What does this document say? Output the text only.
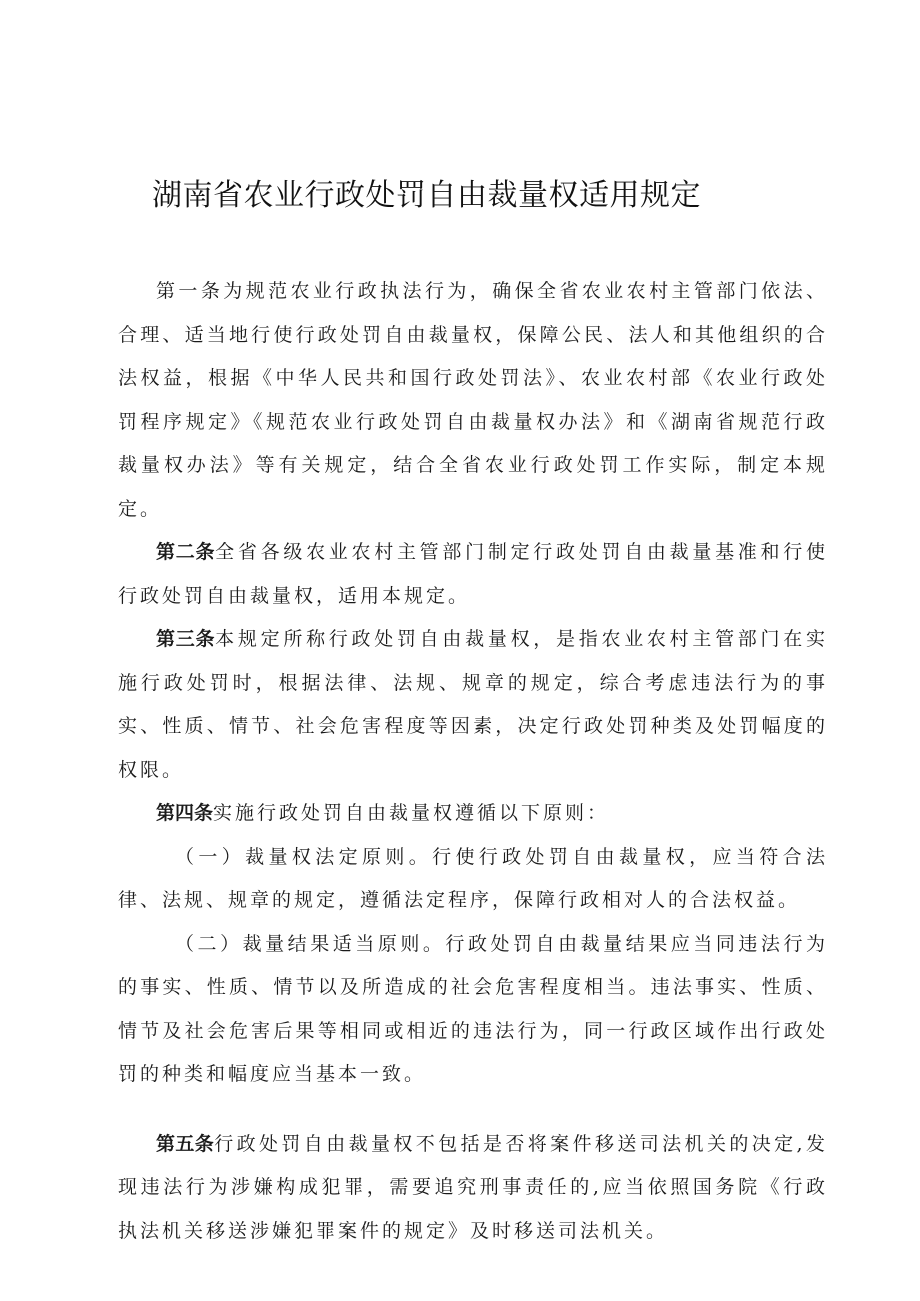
湖南省农业行政处罚自由裁量权适用规定

第一条为规范农业行政执法行为，确保全省农业农村主管部门依法、合理、适当地行使行政处罚自由裁量权，保障公民、法人和其他组织的合法权益，根据《中华人民共和国行政处罚法》、农业农村部《农业行政处罚程序规定》《规范农业行政处罚自由裁量权办法》和《湖南省规范行政裁量权办法》等有关规定，结合全省农业行政处罚工作实际，制定本规定。

第二条全省各级农业农村主管部门制定行政处罚自由裁量基准和行使行政处罚自由裁量权，适用本规定。

第三条本规定所称行政处罚自由裁量权，是指农业农村主管部门在实施行政处罚时，根据法律、法规、规章的规定，综合考虑违法行为的事实、性质、情节、社会危害程度等因素，决定行政处罚种类及处罚幅度的权限。

第四条实施行政处罚自由裁量权遵循以下原则：

（一）裁量权法定原则。行使行政处罚自由裁量权，应当符合法律、法规、规章的规定，遵循法定程序，保障行政相对人的合法权益。

（二）裁量结果适当原则。行政处罚自由裁量结果应当同违法行为的事实、性质、情节以及所造成的社会危害程度相当。违法事实、性质、情节及社会危害后果等相同或相近的违法行为，同一行政区域作出行政处罚的种类和幅度应当基本一致。

第五条行政处罚自由裁量权不包括是否将案件移送司法机关的决定,发现违法行为涉嫌构成犯罪，需要追究刑事责任的,应当依照国务院《行政执法机关移送涉嫌犯罪案件的规定》及时移送司法机关。
